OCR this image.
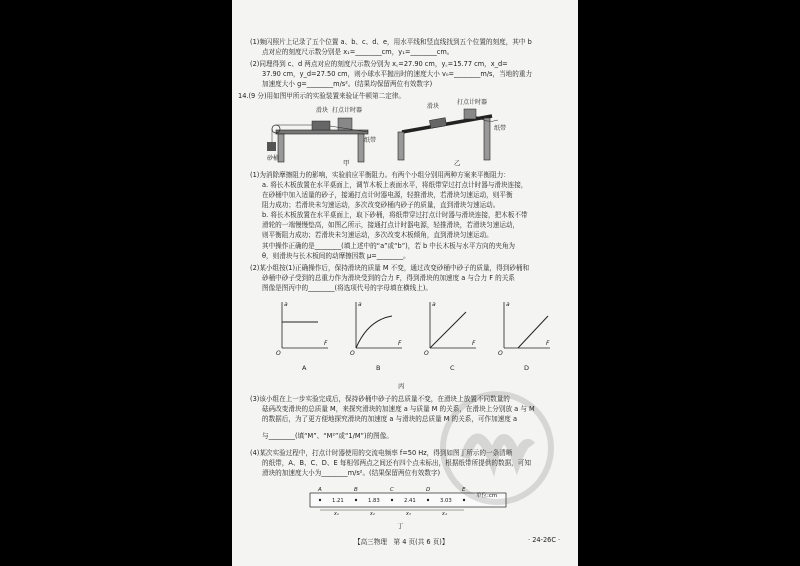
(1)频闪照片上记录了五个位置 a、b、c、d、e，用水平线和竖直线找到五个位置的刻度，其中 b
点对应的刻度尺示数分别是 x₁=________cm，y₁=________cm。
(2)同理得到 c、d 两点对应的刻度尺示数分别为 x꜀=27.90 cm，y꜀=15.77 cm，x_d=
37.90 cm，y_d=27.50 cm，则小球水平抛出时的速度大小 v₀=________m/s，当地的重力
加速度大小 g=________m/s²。(结果均保留两位有效数字)
14.(9 分)用如图甲所示的实验装置来验证牛顿第二定律。
(1)为消除摩擦阻力的影响，实验前应平衡阻力。有两个小组分别用两种方案来平衡阻力：
a. 将长木板放置在水平桌面上，调节木板上表面水平，将纸带穿过打点计时器与滑块连接，
在砂桶中加入适量的砂子，接通打点计时器电源，轻推滑块，若滑块匀速运动，则平衡
阻力成功；若滑块未匀速运动，多次改变砂桶内砂子的质量，直到滑块匀速运动。
b. 将长木板放置在水平桌面上，取下砂桶，将纸带穿过打点计时器与滑块连接，把木板不带
滑轮的一端慢慢垫高，如图乙所示，接通打点计时器电源，轻推滑块，若滑块匀速运动，
则平衡阻力成功；若滑块未匀速运动，多次改变木板倾角，直到滑块匀速运动。
其中操作正确的是________(填上述中的“a”或“b”)，若 b 中长木板与水平方向的夹角为
θ，则滑块与长木板间的动摩擦因数 μ=________。
(2)某小组按(1)正确操作后，保持滑块的质量 M 不变，通过改变砂桶中砂子的质量，得到砂桶和
砂桶中砂子受到的总重力作为滑块受到的合力 F，得到滑块的加速度 a 与合力 F 的关系
图像是图丙中的________(将选项代号的字母填在横线上)。
(3)该小组在上一步实验完成后，保持砂桶中砂子的总质量不变，在滑块上放置不同数量的
砝码改变滑块的总质量 M，来探究滑块的加速度 a 与质量 M 的关系，在滑块上分别放 a 与 M
的数据后，为了更方便地探究滑块的加速度 a 与滑块的总质量 M 的关系，可作加速度 a
与________(填“M”、“M²”或“1/M”)的图像。
(4)某次实验过程中，打点计时器使用的交流电频率 f=50 Hz，得到如图丁所示的一条清晰
的纸带，A、B、C、D、E 每相邻两点之间还有四个点未标出，根据纸带所提供的数据，可知
滑块的加速度大小为________m/s²。(结果保留两位有效数字)
滑块 打点计时器
纸带
砂桶
滑块
打点计时器
纸带
甲	乙
a
F
O
A
a
F
O
B
a
F
O
C
a
F
O
D
丙
A	B	C	D	E
1.21
x₁
1.83
x₂
2.41
x₃
3.03
x₄
单位:cm
丁
【高三物理　第 4 页(共 6 页)】	· 24-26C ·
